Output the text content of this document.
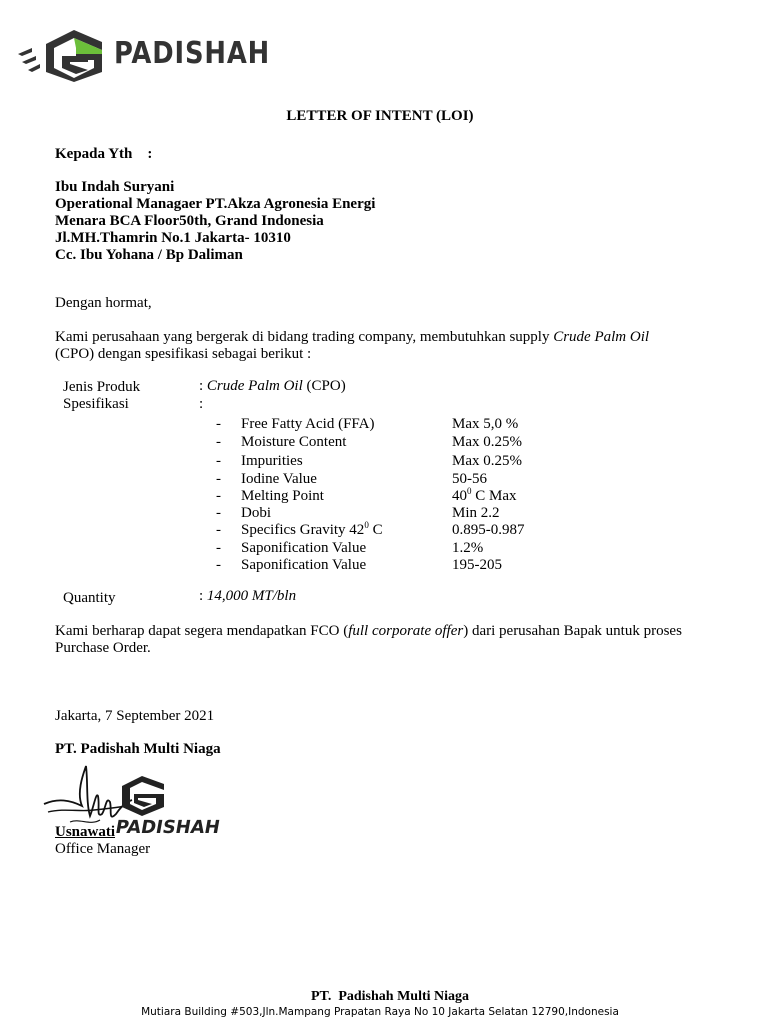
PADISHAH
LETTER OF INTENT (LOI)
Kepada Yth    :
Ibu Indah Suryani
Operational Managaer PT.Akza Agronesia Energi
Menara BCA Floor50th, Grand Indonesia
Jl.MH.Thamrin No.1 Jakarta- 10310
Cc. Ibu Yohana / Bp Daliman
Dengan hormat,
Kami perusahaan yang bergerak di bidang trading company, membutuhkan supply Crude Palm Oil
(CPO) dengan spesifikasi sebagai berikut :
Jenis Produk	: Crude Palm Oil (CPO)
Spesifikasi	:
- Free Fatty Acid (FFA)	Max 5,0 %
- Moisture Content	Max 0.25%
- Impurities	Max 0.25%
- Iodine Value	50-56
- Melting Point	$40^0$ C Max
- Dobi	Min 2.2
- Specifics Gravity $42^0$ C	0.895-0.987
- Saponification Value	1.2%
- Saponification Value	195-205
Quantity	: 14,000 MT/bln
Kami berharap dapat segera mendapatkan FCO (full corporate offer) dari perusahan Bapak untuk proses
Purchase Order.
Jakarta, 7 September 2021
PT. Padishah Multi Niaga
PADISHAH
Usnawati
Office Manager
PT.  Padishah Multi Niaga
Mutiara Building #503,Jln.Mampang Prapatan Raya No 10 Jakarta Selatan 12790,Indonesia
